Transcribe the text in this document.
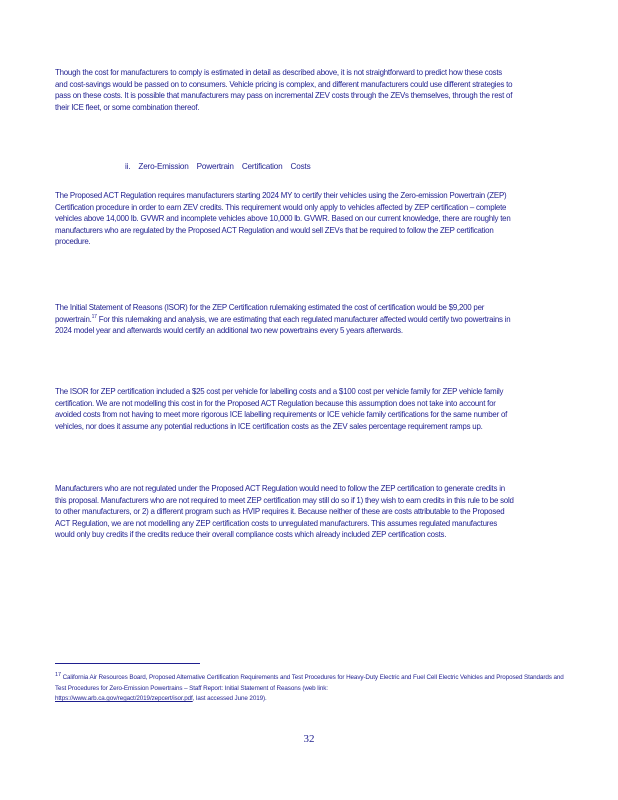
Though the cost for manufacturers to comply is estimated in detail as described above, it is not straightforward to predict how these costs and cost-savings would be passed on to consumers. Vehicle pricing is complex, and different manufacturers could use different strategies to pass on these costs. It is possible that manufacturers may pass on incremental ZEV costs through the ZEVs themselves, through the rest of their ICE fleet, or some combination thereof.

ii. Zero-Emission Powertrain Certification Costs

The Proposed ACT Regulation requires manufacturers starting 2024 MY to certify their vehicles using the Zero-emission Powertrain (ZEP) Certification procedure in order to earn ZEV credits. This requirement would only apply to vehicles affected by ZEP certification – complete vehicles above 14,000 lb. GVWR and incomplete vehicles above 10,000 lb. GVWR. Based on our current knowledge, there are roughly ten manufacturers who are regulated by the Proposed ACT Regulation and would sell ZEVs that be required to follow the ZEP certification procedure.

The Initial Statement of Reasons (ISOR) for the ZEP Certification rulemaking estimated the cost of certification would be $9,200 per powertrain.$^{17}$ For this rulemaking and analysis, we are estimating that each regulated manufacturer affected would certify two powertrains in 2024 model year and afterwards would certify an additional two new powertrains every 5 years afterwards.

The ISOR for ZEP certification included a $25 cost per vehicle for labelling costs and a $100 cost per vehicle family for ZEP vehicle family certification. We are not modelling this cost in for the Proposed ACT Regulation because this assumption does not take into account for avoided costs from not having to meet more rigorous ICE labelling requirements or ICE vehicle family certifications for the same number of vehicles, nor does it assume any potential reductions in ICE certification costs as the ZEV sales percentage requirement ramps up.

Manufacturers who are not regulated under the Proposed ACT Regulation would need to follow the ZEP certification to generate credits in this proposal. Manufacturers who are not required to meet ZEP certification may still do so if 1) they wish to earn credits in this rule to be sold to other manufacturers, or 2) a different program such as HVIP requires it. Because neither of these are costs attributable to the Proposed ACT Regulation, we are not modelling any ZEP certification costs to unregulated manufacturers. This assumes regulated manufactures would only buy credits if the credits reduce their overall compliance costs which already included ZEP certification costs.

$^{17}$ California Air Resources Board, Proposed Alternative Certification Requirements and Test Procedures for Heavy-Duty Electric and Fuel Cell Electric Vehicles and Proposed Standards and Test Procedures for Zero-Emission Powertrains – Staff Report: Initial Statement of Reasons (web link:
https://www.arb.ca.gov/regact/2019/zepcert/isor.pdf, last accessed June 2019).

32
